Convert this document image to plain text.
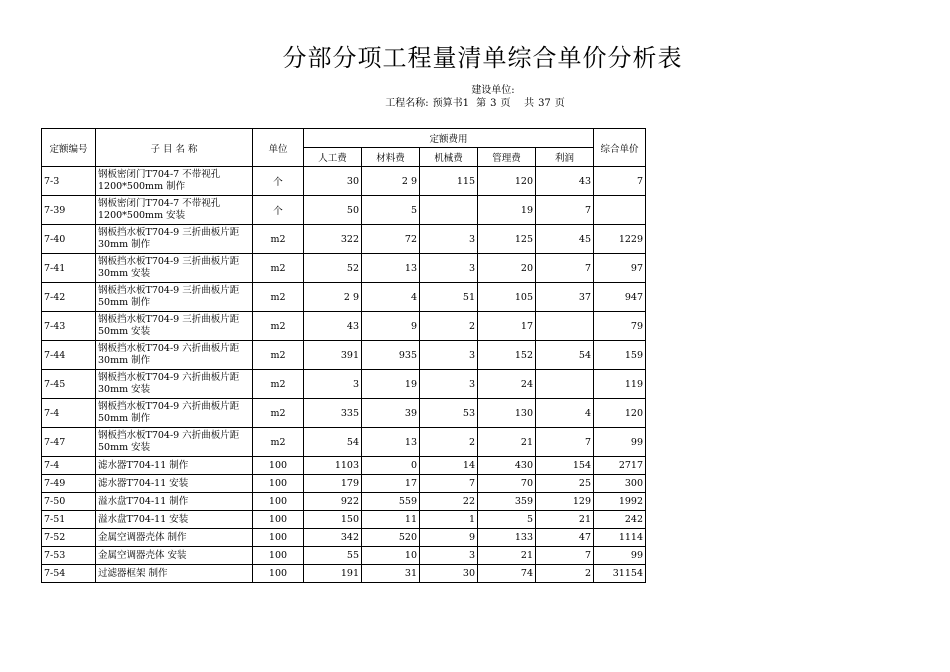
分部分项工程量清单综合单价分析表
建设单位:
工程名称: 预算书1 第 3 页 共 37 页
定额编号	子 目 名 称	单位	定额费用					综合单价
			人工费	材料费	机械费	管理费	利润	
7-3	钢板密闭门T704-7 不带视孔1200*500mm 制作	个	30	2 9	115	120	43	7
7-39	钢板密闭门T704-7 不带视孔1200*500mm 安装	个	50	5		19	7	
7-40	钢板挡水板T704-9 三折曲板片距30mm 制作	m2	322	72	3	125	45	1229
7-41	钢板挡水板T704-9 三折曲板片距30mm 安装	m2	52	13	3	20	7	97
7-42	钢板挡水板T704-9 三折曲板片距50mm 制作	m2	2 9	4	51	105	37	947
7-43	钢板挡水板T704-9 三折曲板片距50mm 安装	m2	43	9	2	17		79
7-44	钢板挡水板T704-9 六折曲板片距30mm 制作	m2	391	935	3	152	54	159
7-45	钢板挡水板T704-9 六折曲板片距30mm 安装	m2	3	19	3	24		119
7-4	钢板挡水板T704-9 六折曲板片距50mm 制作	m2	335	39	53	130	4	120
7-47	钢板挡水板T704-9 六折曲板片距50mm 安装	m2	54	13	2	21	7	99
7-4	滤水器T704-11 制作	100	1103	0	14	430	154	2717
7-49	滤水器T704-11 安装	100	179	17	7	70	25	300
7-50	溢水盘T704-11 制作	100	922	559	22	359	129	1992
7-51	溢水盘T704-11 安装	100	150	11	1	5	21	242
7-52	金属空调器壳体 制作	100	342	520	9	133	47	1114
7-53	金属空调器壳体 安装	100	55	10	3	21	7	99
7-54	过滤器框架 制作	100	191	31	30	74	2	31154
